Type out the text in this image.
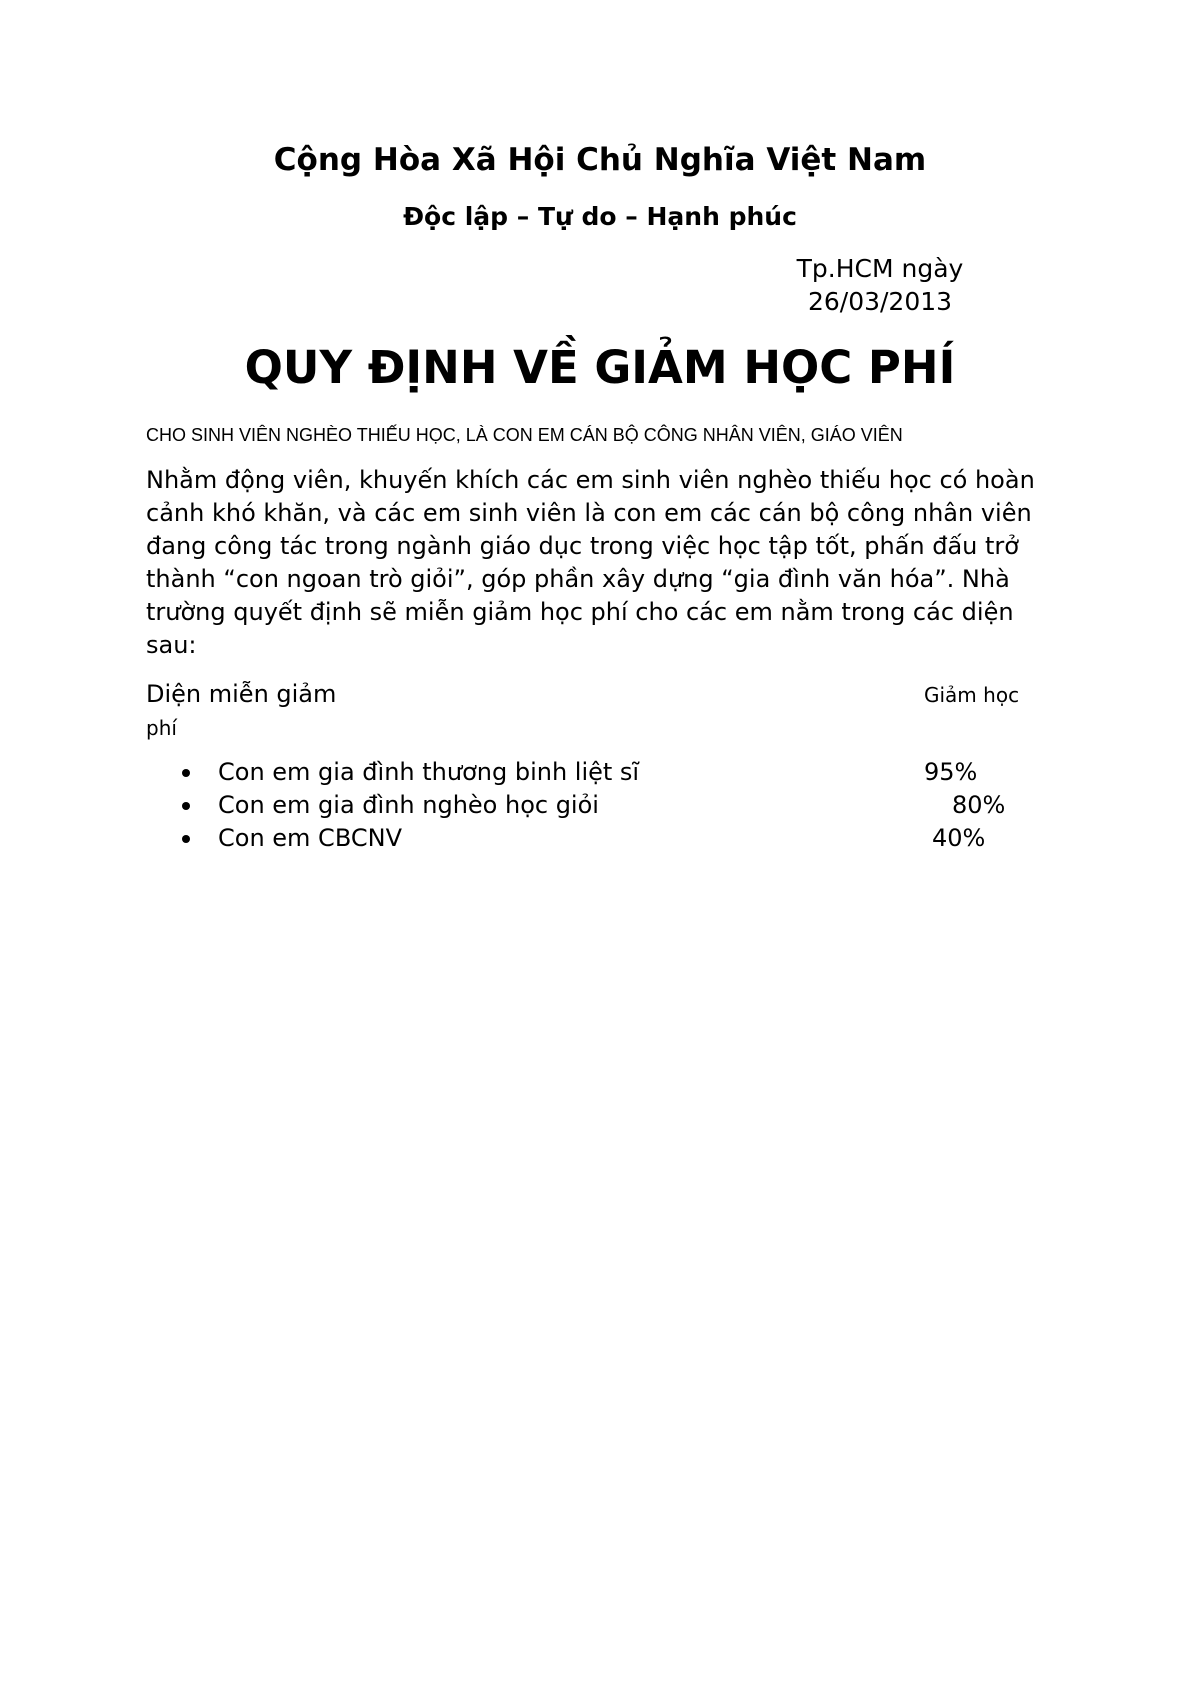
Cộng Hòa Xã Hội Chủ Nghĩa Việt Nam
Độc lập – Tự do – Hạnh phúc
Tp.HCM ngày
26/03/2013
QUY ĐỊNH VỀ GIẢM HỌC PHÍ
CHO SINH VIÊN NGHÈO THIẾU HỌC, LÀ CON EM CÁN BỘ CÔNG NHÂN VIÊN, GIÁO VIÊN
Nhằm động viên, khuyến khích các em sinh viên nghèo thiếu học có hoàn
cảnh khó khăn, và các em sinh viên là con em các cán bộ công nhân viên
đang công tác trong ngành giáo dục trong việc học tập tốt, phấn đấu trở
thành “con ngoan trò giỏi”, góp phần xây dựng “gia đình văn hóa”. Nhà
trường quyết định sẽ miễn giảm học phí cho các em nằm trong các diện
sau:
Diện miễn giảm	Giảm học
phí
Con em gia đình thương binh liệt sĩ	95%
Con em gia đình nghèo học giỏi	80%
Con em CBCNV	40%
